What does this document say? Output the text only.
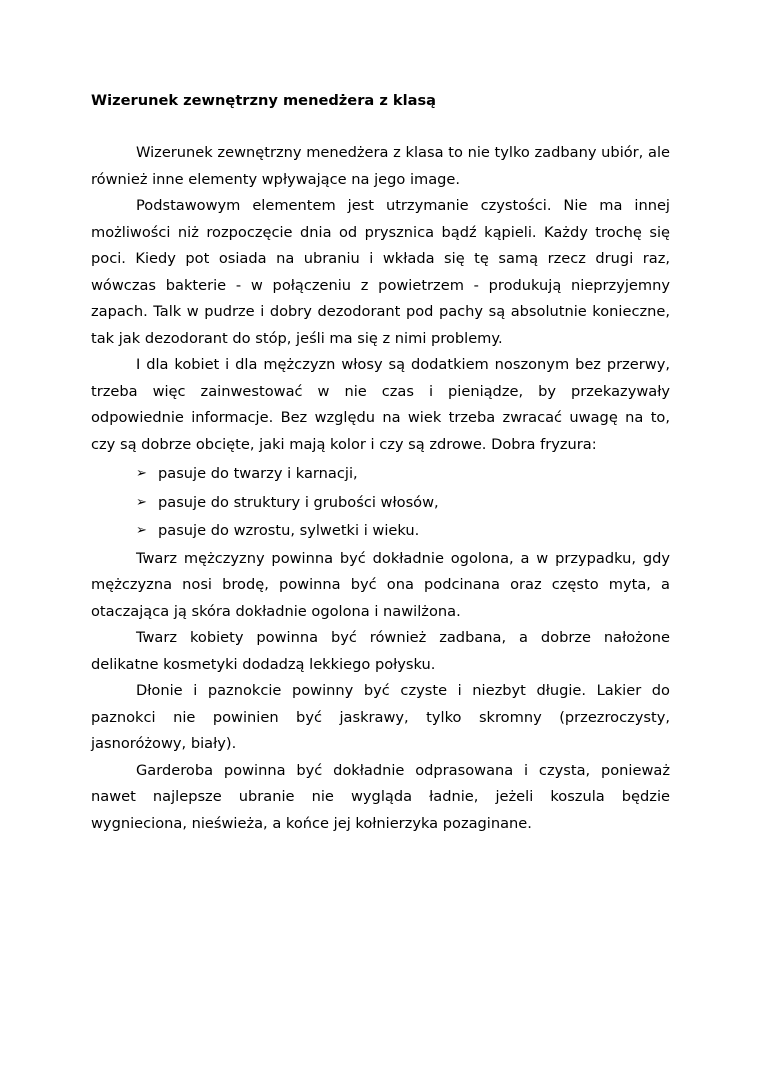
Wizerunek zewnętrzny menedżera z klasą

Wizerunek zewnętrzny menedżera z klasa to nie tylko zadbany ubiór, ale również inne elementy wpływające na jego image.

Podstawowym elementem jest utrzymanie czystości. Nie ma innej możliwości niż rozpoczęcie dnia od prysznica bądź kąpieli. Każdy trochę się poci. Kiedy pot osiada na ubraniu i wkłada się tę samą rzecz drugi raz, wówczas bakterie - w połączeniu z powietrzem - produkują nieprzyjemny zapach. Talk w pudrze i dobry dezodorant pod pachy są absolutnie konieczne, tak jak dezodorant do stóp, jeśli ma się z nimi problemy.

I dla kobiet i dla mężczyzn włosy są dodatkiem noszonym bez przerwy, trzeba więc zainwestować w nie czas i pieniądze, by przekazywały odpowiednie informacje. Bez względu na wiek trzeba zwracać uwagę na to, czy są dobrze obcięte, jaki mają kolor i czy są zdrowe. Dobra fryzura:

➢ pasuje do twarzy i karnacji,
➢ pasuje do struktury i grubości włosów,
➢ pasuje do wzrostu, sylwetki i wieku.

Twarz mężczyzny powinna być dokładnie ogolona, a w przypadku, gdy mężczyzna nosi brodę, powinna być ona podcinana oraz często myta, a otaczająca ją skóra dokładnie ogolona i nawilżona.

Twarz kobiety powinna być również zadbana, a dobrze nałożone delikatne kosmetyki dodadzą lekkiego połysku.

Dłonie i paznokcie powinny być czyste i niezbyt długie. Lakier do paznokci nie powinien być jaskrawy, tylko skromny (przezroczysty, jasnoróżowy, biały).

Garderoba powinna być dokładnie odprasowana i czysta, ponieważ nawet najlepsze ubranie nie wygląda ładnie, jeżeli koszula będzie wygnieciona, nieświeża, a końce jej kołnierzyka pozaginane.
